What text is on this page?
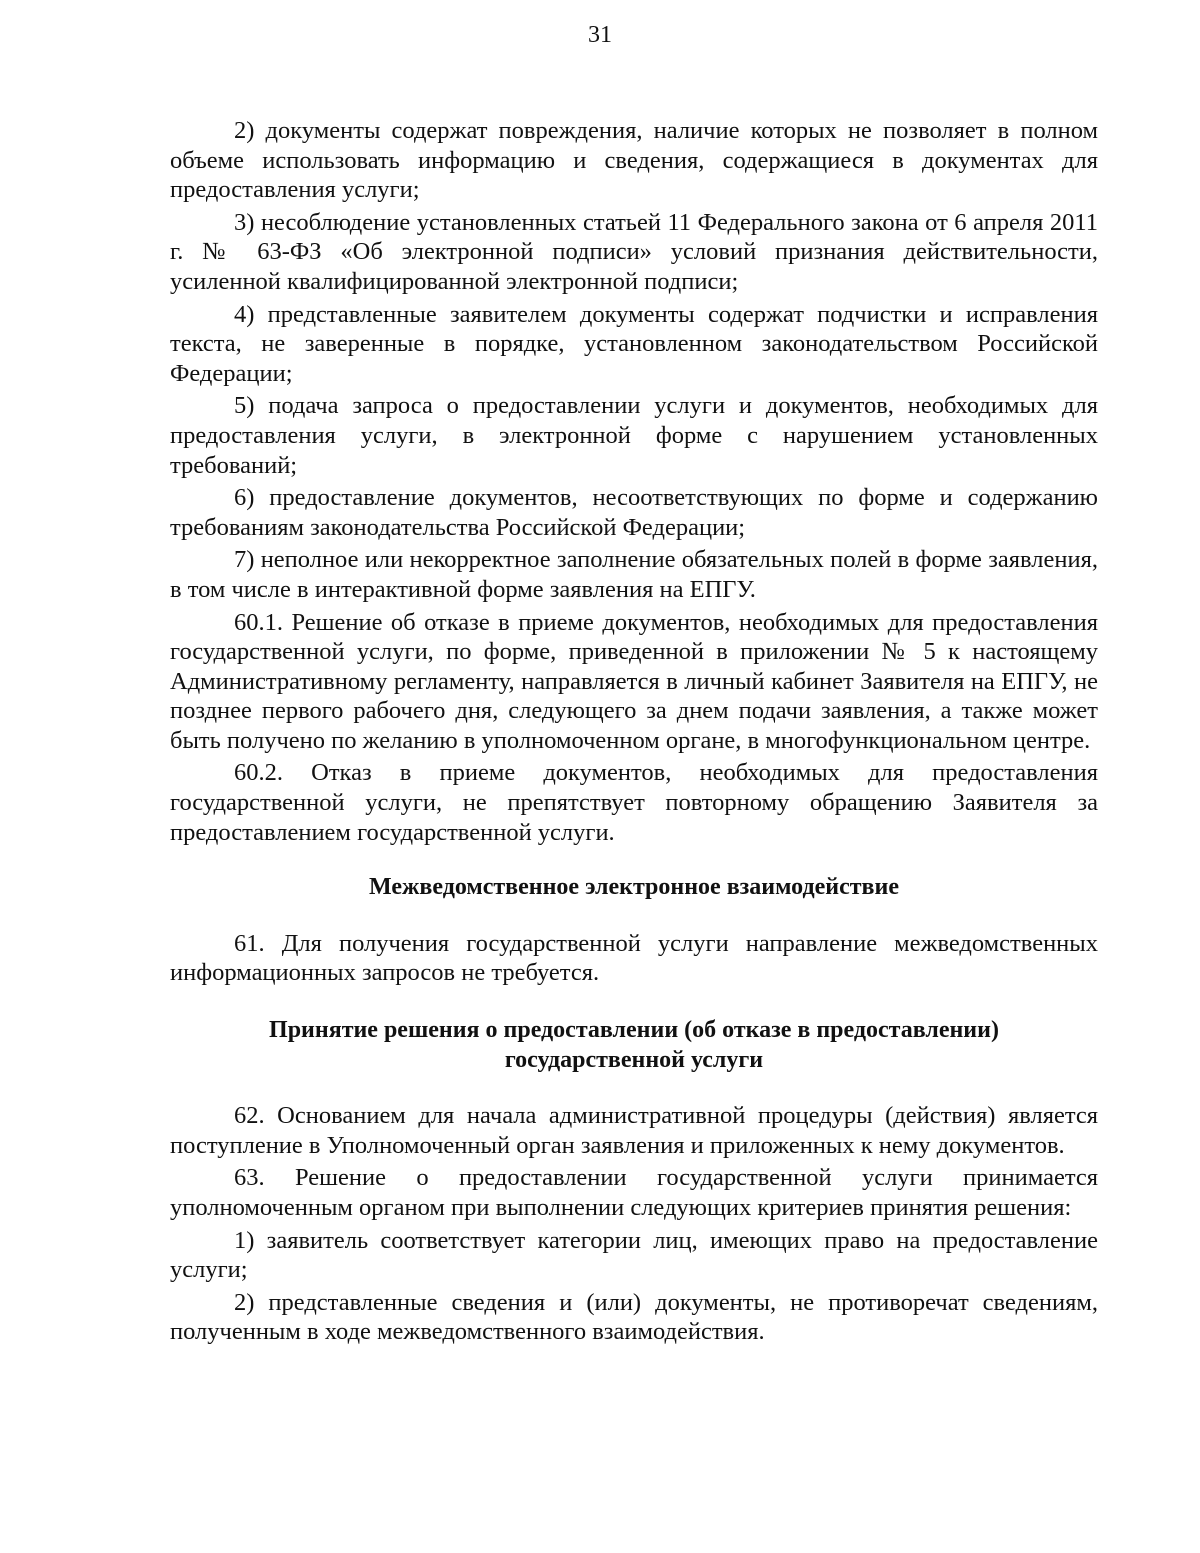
31

2) документы содержат повреждения, наличие которых не позволяет в полном объеме использовать информацию и сведения, содержащиеся в документах для предоставления услуги;

3) несоблюдение установленных статьей 11 Федерального закона от 6 апреля 2011 г. № 63-ФЗ «Об электронной подписи» условий признания действительности, усиленной квалифицированной электронной подписи;

4) представленные заявителем документы содержат подчистки и исправления текста, не заверенные в порядке, установленном законодательством Российской Федерации;

5) подача запроса о предоставлении услуги и документов, необходимых для предоставления услуги, в электронной форме с нарушением установленных требований;

6) предоставление документов, несоответствующих по форме и содержанию требованиям законодательства Российской Федерации;

7) неполное или некорректное заполнение обязательных полей в форме заявления, в том числе в интерактивной форме заявления на ЕПГУ.

60.1. Решение об отказе в приеме документов, необходимых для предоставления государственной услуги, по форме, приведенной в приложении № 5 к настоящему Административному регламенту, направляется в личный кабинет Заявителя на ЕПГУ, не позднее первого рабочего дня, следующего за днем подачи заявления, а также может быть получено по желанию в уполномоченном органе, в многофункциональном центре.

60.2. Отказ в приеме документов, необходимых для предоставления государственной услуги, не препятствует повторному обращению Заявителя за предоставлением государственной услуги.

Межведомственное электронное взаимодействие

61. Для получения государственной услуги направление межведомственных информационных запросов не требуется.

Принятие решения о предоставлении (об отказе в предоставлении)
государственной услуги

62. Основанием для начала административной процедуры (действия) является поступление в Уполномоченный орган заявления и приложенных к нему документов.

63. Решение о предоставлении государственной услуги принимается уполномоченным органом при выполнении следующих критериев принятия решения:

1) заявитель соответствует категории лиц, имеющих право на предоставление услуги;

2) представленные сведения и (или) документы, не противоречат сведениям, полученным в ходе межведомственного взаимодействия.
